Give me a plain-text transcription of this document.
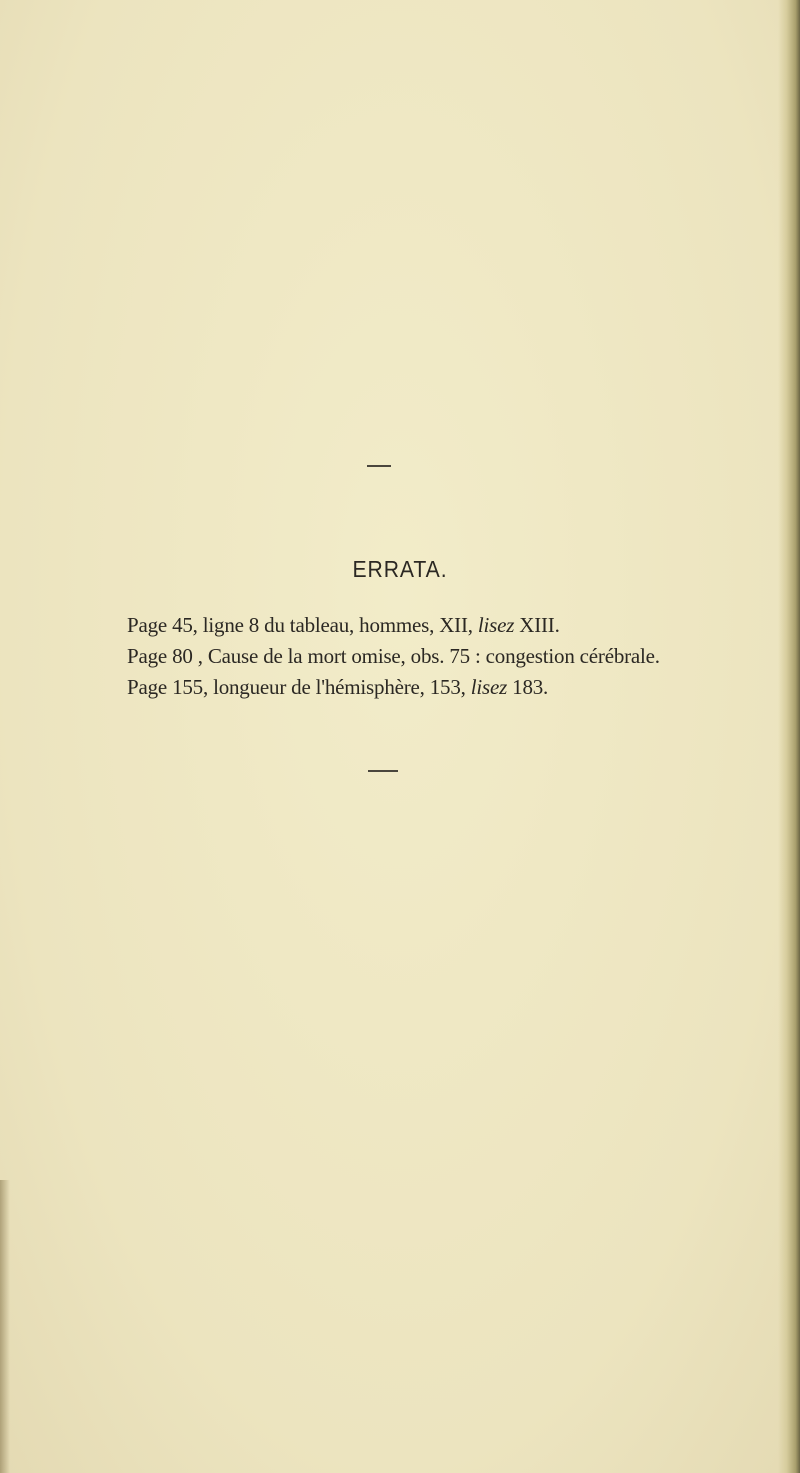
ERRATA.
Page 45, ligne 8 du tableau, hommes, XII, lisez XIII.
Page 80 , Cause de la mort omise, obs. 75 : congestion cérébrale.
Page 155, longueur de l'hémisphère, 153, lisez 183.
